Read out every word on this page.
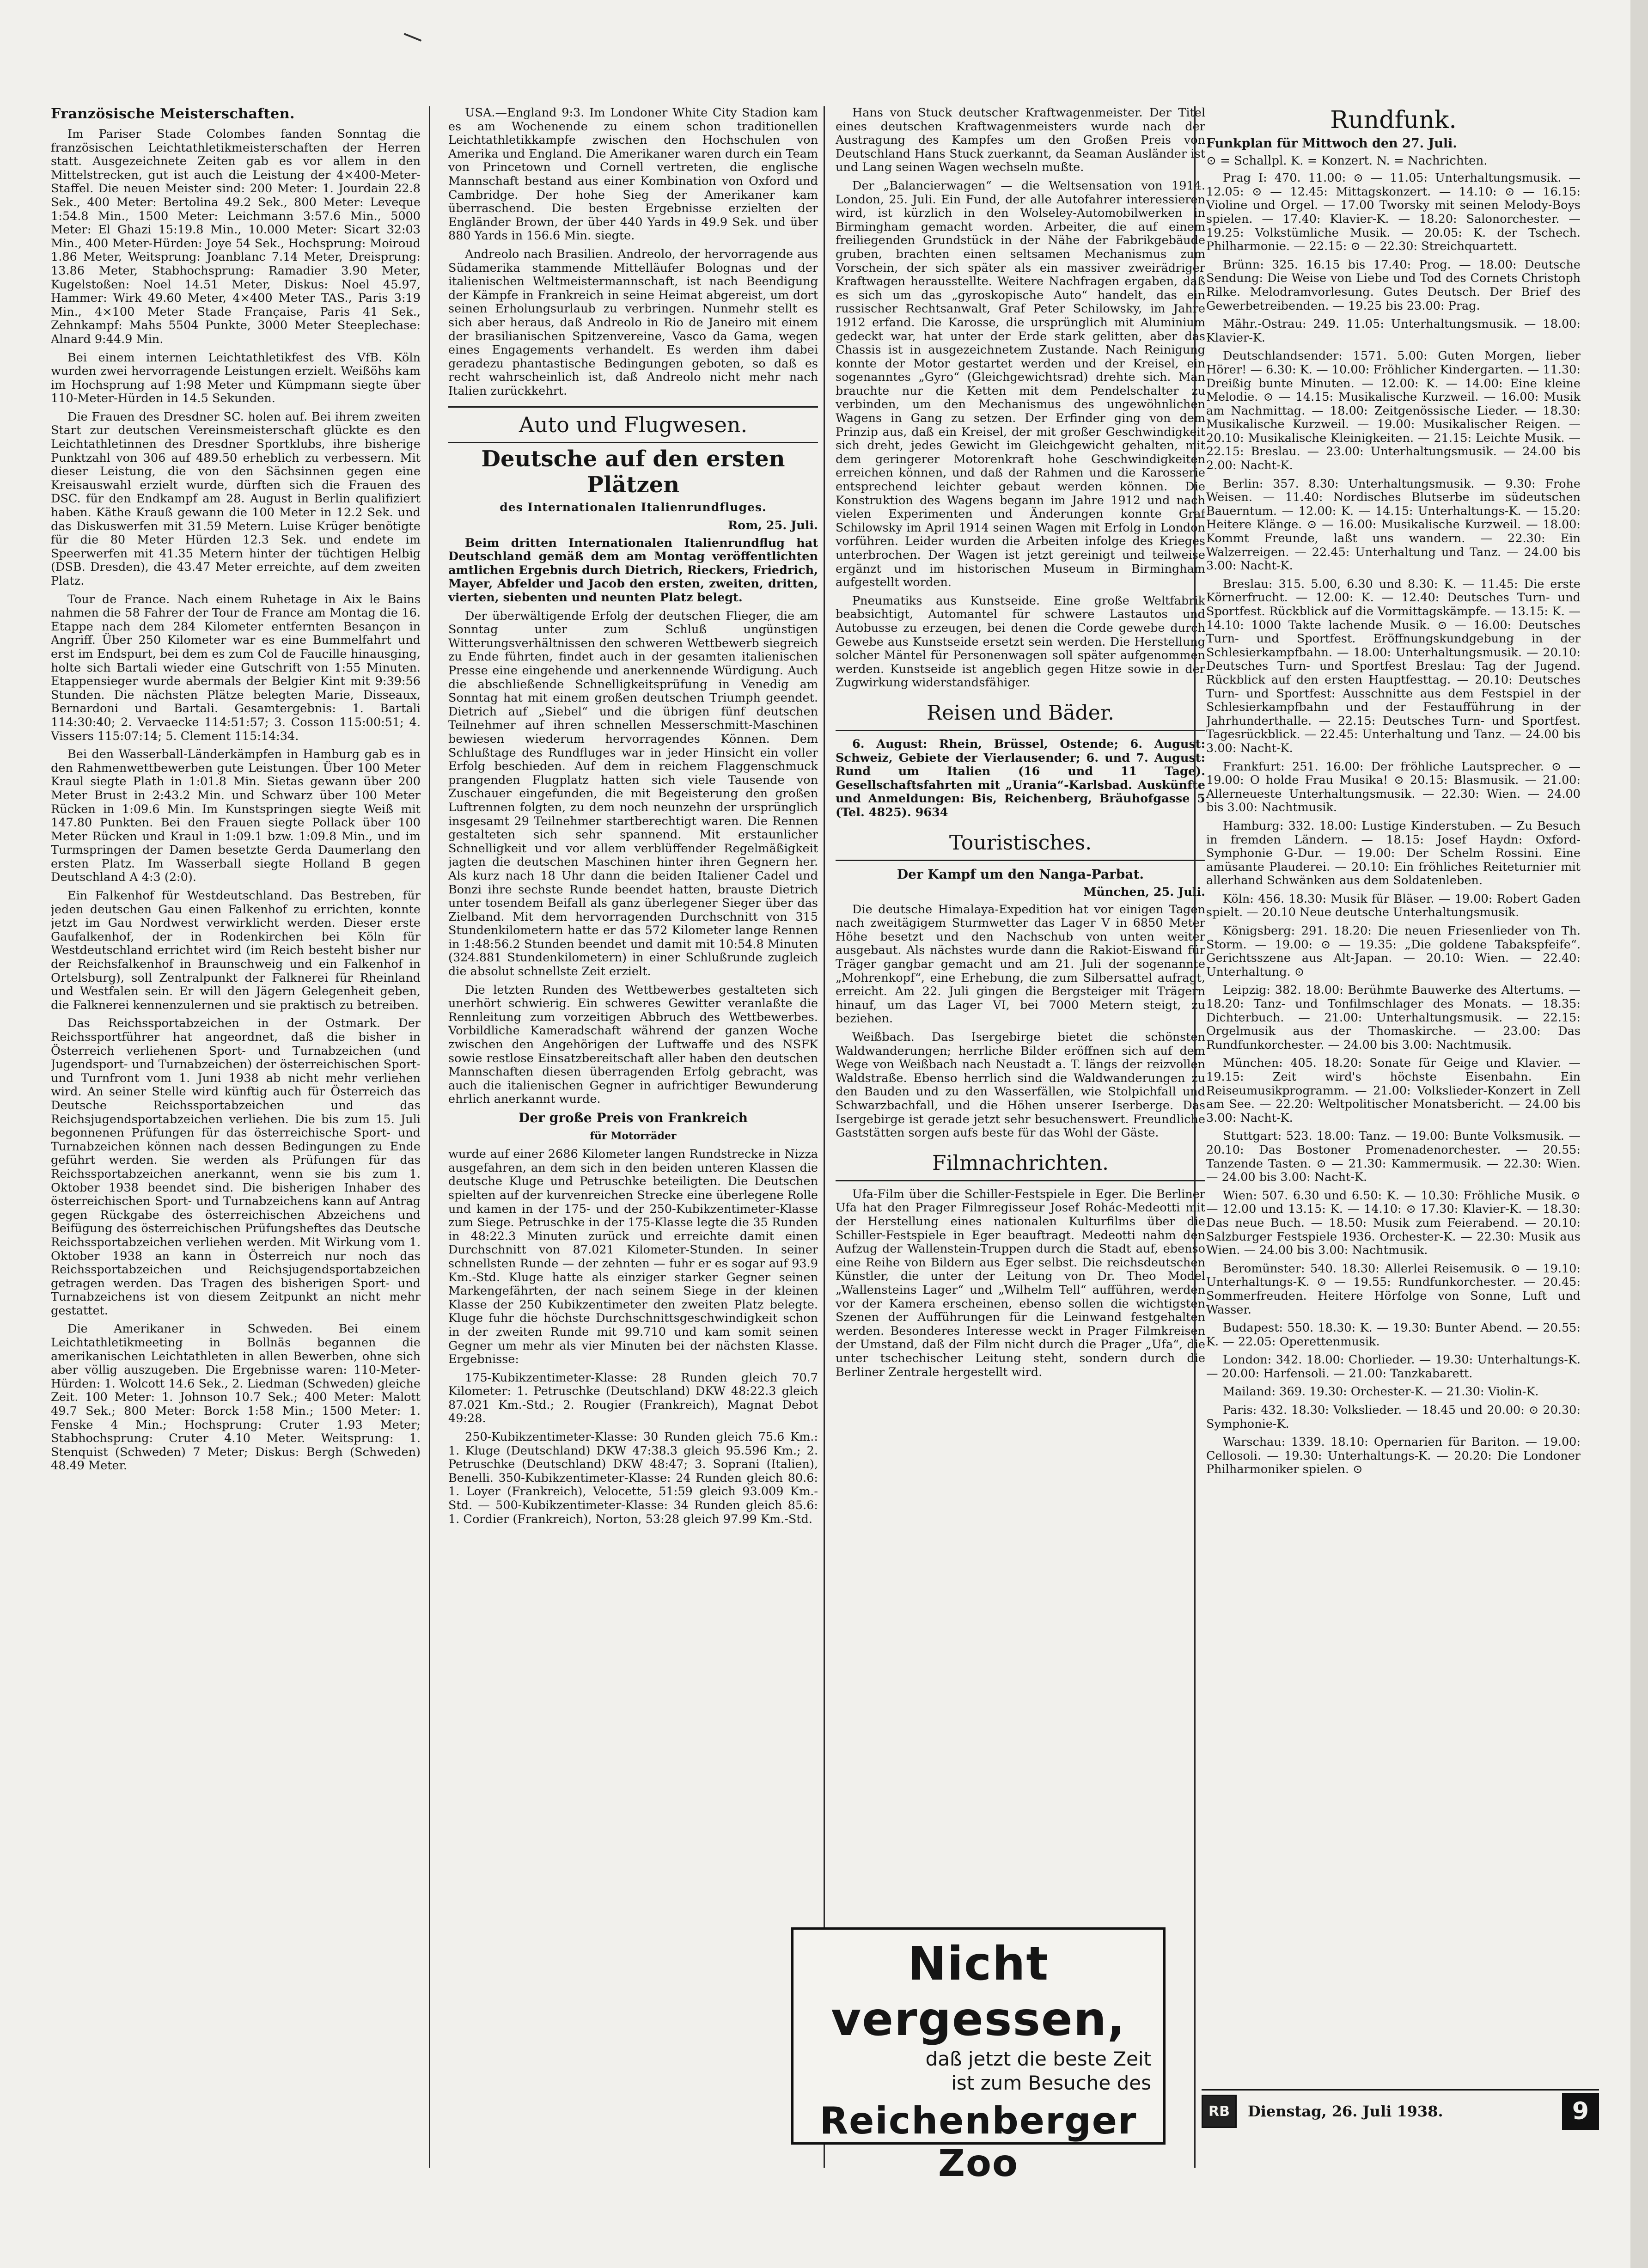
Französische Meisterschaften.

Im Pariser Stade Colombes fanden Sonntag die französischen Leichtathletikmeisterschaften der Herren statt. Ausgezeichnete Zeiten gab es vor allem in den Mittelstrecken, gut ist auch die Leistung der 4×400-Meter-Staffel. Die neuen Meister sind: 200 Meter: 1. Jourdain 22.8 Sek., 400 Meter: Bertolina 49.2 Sek., 800 Meter: Leveque 1:54.8 Min., 1500 Meter: Leichmann 3:57.6 Min., 5000 Meter: El Ghazi 15:19.8 Min., 10.000 Meter: Sicart 32:03 Min., 400 Meter-Hürden: Joye 54 Sek., Hochsprung: Moiroud 1.86 Meter, Weitsprung: Joanblanc 7.14 Meter, Dreisprung: 13.86 Meter, Stabhochsprung: Ramadier 3.90 Meter, Kugelstoßen: Noel 14.51 Meter, Diskus: Noel 45.97, Hammer: Wirk 49.60 Meter, 4×400 Meter TAS., Paris 3:19 Min., 4×100 Meter Stade Française, Paris 41 Sek., Zehnkampf: Mahs 5504 Punkte, 3000 Meter Steeplechase: Alnard 9:44.9 Min.

Bei einem internen Leichtathletikfest des VfB. Köln wurden zwei hervorragende Leistungen erzielt. Weißöhs kam im Hochsprung auf 1:98 Meter und Kümpmann siegte über 110-Meter-Hürden in 14.5 Sekunden.

Die Frauen des Dresdner SC. holen auf. Bei ihrem zweiten Start zur deutschen Vereinsmeisterschaft glückte es den Leichtathletinnen des Dresdner Sportklubs, ihre bisherige Punktzahl von 306 auf 489.50 erheblich zu verbessern. Mit dieser Leistung, die von den Sächsinnen gegen eine Kreisauswahl erzielt wurde, dürften sich die Frauen des DSC. für den Endkampf am 28. August in Berlin qualifiziert haben. Käthe Krauß gewann die 100 Meter in 12.2 Sek. und das Diskuswerfen mit 31.59 Metern. Luise Krüger benötigte für die 80 Meter Hürden 12.3 Sek. und endete im Speerwerfen mit 41.35 Metern hinter der tüchtigen Helbig (DSB. Dresden), die 43.47 Meter erreichte, auf dem zweiten Platz.

Tour de France. Nach einem Ruhetage in Aix le Bains nahmen die 58 Fahrer der Tour de France am Montag die 16. Etappe nach dem 284 Kilometer entfernten Besançon in Angriff. Über 250 Kilometer war es eine Bummelfahrt und erst im Endspurt, bei dem es zum Col de Faucille hinausging, holte sich Bartali wieder eine Gutschrift von 1:55 Minuten. Etappensieger wurde abermals der Belgier Kint mit 9:39:56 Stunden. Die nächsten Plätze belegten Marie, Disseaux, Bernardoni und Bartali. Gesamtergebnis: 1. Bartali 114:30:40; 2. Vervaecke 114:51:57; 3. Cosson 115:00:51; 4. Vissers 115:07:14; 5. Clement 115:14:34.

Bei den Wasserball-Länderkämpfen in Hamburg gab es in den Rahmenwettbewerben gute Leistungen. Über 100 Meter Kraul siegte Plath in 1:01.8 Min. Sietas gewann über 200 Meter Brust in 2:43.2 Min. und Schwarz über 100 Meter Rücken in 1:09.6 Min. Im Kunstspringen siegte Weiß mit 147.80 Punkten. Bei den Frauen siegte Pollack über 100 Meter Rücken und Kraul in 1:09.1 bzw. 1:09.8 Min., und im Turmspringen der Damen besetzte Gerda Daumerlang den ersten Platz. Im Wasserball siegte Holland B gegen Deutschland A 4:3 (2:0).

Ein Falkenhof für Westdeutschland. Das Bestreben, für jeden deutschen Gau einen Falkenhof zu errichten, konnte jetzt im Gau Nordwest verwirklicht werden. Dieser erste Gaufalkenhof, der in Rodenkirchen bei Köln für Westdeutschland errichtet wird (im Reich besteht bisher nur der Reichsfalkenhof in Braunschweig und ein Falkenhof in Ortelsburg), soll Zentralpunkt der Falknerei für Rheinland und Westfalen sein. Er will den Jägern Gelegenheit geben, die Falknerei kennenzulernen und sie praktisch zu betreiben.

Das Reichssportabzeichen in der Ostmark. Der Reichssportführer hat angeordnet, daß die bisher in Österreich verliehenen Sport- und Turnabzeichen (und Jugendsport- und Turnabzeichen) der österreichischen Sport- und Turnfront vom 1. Juni 1938 ab nicht mehr verliehen wird. An seiner Stelle wird künftig auch für Österreich das Deutsche Reichssportabzeichen und das Reichsjugendsportabzeichen verliehen. Die bis zum 15. Juli begonnenen Prüfungen für das österreichische Sport- und Turnabzeichen können nach dessen Bedingungen zu Ende geführt werden. Sie werden als Prüfungen für das Reichssportabzeichen anerkannt, wenn sie bis zum 1. Oktober 1938 beendet sind. Die bisherigen Inhaber des österreichischen Sport- und Turnabzeichens kann auf Antrag gegen Rückgabe des österreichischen Abzeichens und Beifügung des österreichischen Prüfungsheftes das Deutsche Reichssportabzeichen verliehen werden. Mit Wirkung vom 1. Oktober 1938 an kann in Österreich nur noch das Reichssportabzeichen und Reichsjugendsportabzeichen getragen werden. Das Tragen des bisherigen Sport- und Turnabzeichens ist von diesem Zeitpunkt an nicht mehr gestattet.

Die Amerikaner in Schweden. Bei einem Leichtathletikmeeting in Bollnäs begannen die amerikanischen Leichtathleten in allen Bewerben, ohne sich aber völlig auszugeben. Die Ergebnisse waren: 110-Meter-Hürden: 1. Wolcott 14.6 Sek., 2. Liedman (Schweden) gleiche Zeit. 100 Meter: 1. Johnson 10.7 Sek.; 400 Meter: Malott 49.7 Sek.; 800 Meter: Borck 1:58 Min.; 1500 Meter: 1. Fenske 4 Min.; Hochsprung: Cruter 1.93 Meter; Stabhochsprung: Cruter 4.10 Meter. Weitsprung: 1. Stenquist (Schweden) 7 Meter; Diskus: Bergh (Schweden) 48.49 Meter.

USA.—England 9:3. Im Londoner White City Stadion kam es am Wochenende zu einem schon traditionellen Leichtathletikkampfe zwischen den Hochschulen von Amerika und England. Die Amerikaner waren durch ein Team von Princetown und Cornell vertreten, die englische Mannschaft bestand aus einer Kombination von Oxford und Cambridge. Der hohe Sieg der Amerikaner kam überraschend. Die besten Ergebnisse erzielten der Engländer Brown, der über 440 Yards in 49.9 Sek. und über 880 Yards in 156.6 Min. siegte.

Andreolo nach Brasilien. Andreolo, der hervorragende aus Südamerika stammende Mittelläufer Bolognas und der italienischen Weltmeistermannschaft, ist nach Beendigung der Kämpfe in Frankreich in seine Heimat abgereist, um dort seinen Erholungsurlaub zu verbringen. Nunmehr stellt es sich aber heraus, daß Andreolo in Rio de Janeiro mit einem der brasilianischen Spitzenvereine, Vasco da Gama, wegen eines Engagements verhandelt. Es werden ihm dabei geradezu phantastische Bedingungen geboten, so daß es recht wahrscheinlich ist, daß Andreolo nicht mehr nach Italien zurückkehrt.

Auto und Flugwesen.
Deutsche auf den ersten Plätzen
des Internationalen Italienrundfluges.
Rom, 25. Juli.

Beim dritten Internationalen Italienrundflug hat Deutschland gemäß dem am Montag veröffentlichten amtlichen Ergebnis durch Dietrich, Rieckers, Friedrich, Mayer, Abfelder und Jacob den ersten, zweiten, dritten, vierten, siebenten und neunten Platz belegt.

Der überwältigende Erfolg der deutschen Flieger, die am Sonntag unter zum Schluß ungünstigen Witterungsverhältnissen den schweren Wettbewerb siegreich zu Ende führten, findet auch in der gesamten italienischen Presse eine eingehende und anerkennende Würdigung. Auch die abschließende Schnelligkeitsprüfung in Venedig am Sonntag hat mit einem großen deutschen Triumph geendet. Dietrich auf „Siebel“ und die übrigen fünf deutschen Teilnehmer auf ihren schnellen Messerschmitt-Maschinen bewiesen wiederum hervorragendes Können. Dem Schlußtage des Rundfluges war in jeder Hinsicht ein voller Erfolg beschieden. Auf dem in reichem Flaggenschmuck prangenden Flugplatz hatten sich viele Tausende von Zuschauer eingefunden, die mit Begeisterung den großen Luftrennen folgten, zu dem noch neunzehn der ursprünglich insgesamt 29 Teilnehmer startberechtigt waren. Die Rennen gestalteten sich sehr spannend. Mit erstaunlicher Schnelligkeit und vor allem verblüffender Regelmäßigkeit jagten die deutschen Maschinen hinter ihren Gegnern her. Als kurz nach 18 Uhr dann die beiden Italiener Cadel und Bonzi ihre sechste Runde beendet hatten, brauste Dietrich unter tosendem Beifall als ganz überlegener Sieger über das Zielband. Mit dem hervorragenden Durchschnitt von 315 Stundenkilometern hatte er das 572 Kilometer lange Rennen in 1:48:56.2 Stunden beendet und damit mit 10:54.8 Minuten (324.881 Stundenkilometern) in einer Schlußrunde zugleich die absolut schnellste Zeit erzielt.

Die letzten Runden des Wettbewerbes gestalteten sich unerhört schwierig. Ein schweres Gewitter veranlaßte die Rennleitung zum vorzeitigen Abbruch des Wettbewerbes. Vorbildliche Kameradschaft während der ganzen Woche zwischen den Angehörigen der Luftwaffe und des NSFK sowie restlose Einsatzbereitschaft aller haben den deutschen Mannschaften diesen überragenden Erfolg gebracht, was auch die italienischen Gegner in aufrichtiger Bewunderung ehrlich anerkannt wurde.

Der große Preis von Frankreich
für Motorräder

wurde auf einer 2686 Kilometer langen Rundstrecke in Nizza ausgefahren, an dem sich in den beiden unteren Klassen die deutsche Kluge und Petruschke beteiligten. Die Deutschen spielten auf der kurvenreichen Strecke eine überlegene Rolle und kamen in der 175- und der 250-Kubikzentimeter-Klasse zum Siege. Petruschke in der 175-Klasse legte die 35 Runden in 48:22.3 Minuten zurück und erreichte damit einen Durchschnitt von 87.021 Kilometer-Stunden. In seiner schnellsten Runde — der zehnten — fuhr er es sogar auf 93.9 Km.-Std. Kluge hatte als einziger starker Gegner seinen Markengefährten, der nach seinem Siege in der kleinen Klasse der 250 Kubikzentimeter den zweiten Platz belegte. Kluge fuhr die höchste Durchschnittsgeschwindigkeit schon in der zweiten Runde mit 99.710 und kam somit seinen Gegner um mehr als vier Minuten bei der nächsten Klasse. Ergebnisse:

175-Kubikzentimeter-Klasse: 28 Runden gleich 70.7 Kilometer: 1. Petruschke (Deutschland) DKW 48:22.3 gleich 87.021 Km.-Std.; 2. Rougier (Frankreich), Magnat Debot 49:28.

250-Kubikzentimeter-Klasse: 30 Runden gleich 75.6 Km.: 1. Kluge (Deutschland) DKW 47:38.3 gleich 95.596 Km.; 2. Petruschke (Deutschland) DKW 48:47; 3. Soprani (Italien), Benelli. 350-Kubikzentimeter-Klasse: 24 Runden gleich 80.6: 1. Loyer (Frankreich), Velocette, 51:59 gleich 93.009 Km.-Std. — 500-Kubikzentimeter-Klasse: 34 Runden gleich 85.6: 1. Cordier (Frankreich), Norton, 53:28 gleich 97.99 Km.-Std.

Hans von Stuck deutscher Kraftwagenmeister. Der Titel eines deutschen Kraftwagenmeisters wurde nach der Austragung des Kampfes um den Großen Preis von Deutschland Hans Stuck zuerkannt, da Seaman Ausländer ist und Lang seinen Wagen wechseln mußte.

Der „Balancierwagen“ — die Weltsensation von 1914. London, 25. Juli. Ein Fund, der alle Autofahrer interessieren wird, ist kürzlich in den Wolseley-Automobilwerken in Birmingham gemacht worden. Arbeiter, die auf einem freiliegenden Grundstück in der Nähe der Fabrikgebäude gruben, brachten einen seltsamen Mechanismus zum Vorschein, der sich später als ein massiver zweirädriger Kraftwagen herausstellte. Weitere Nachfragen ergaben, daß es sich um das „gyroskopische Auto“ handelt, das ein russischer Rechtsanwalt, Graf Peter Schilowsky, im Jahre 1912 erfand. Die Karosse, die ursprünglich mit Aluminium gedeckt war, hat unter der Erde stark gelitten, aber das Chassis ist in ausgezeichnetem Zustande. Nach Reinigung konnte der Motor gestartet werden und der Kreisel, ein sogenanntes „Gyro“ (Gleichgewichtsrad) drehte sich. Man brauchte nur die Ketten mit dem Pendelschalter zu verbinden, um den Mechanismus des ungewöhnlichen Wagens in Gang zu setzen. Der Erfinder ging von dem Prinzip aus, daß ein Kreisel, der mit großer Geschwindigkeit sich dreht, jedes Gewicht im Gleichgewicht gehalten, mit dem geringerer Motorenkraft hohe Geschwindigkeiten erreichen können, und daß der Rahmen und die Karosserie entsprechend leichter gebaut werden können. Die Konstruktion des Wagens begann im Jahre 1912 und nach vielen Experimenten und Änderungen konnte Graf Schilowsky im April 1914 seinen Wagen mit Erfolg in London vorführen. Leider wurden die Arbeiten infolge des Krieges unterbrochen. Der Wagen ist jetzt gereinigt und teilweise ergänzt und im historischen Museum in Birmingham aufgestellt worden.

Pneumatiks aus Kunstseide. Eine große Weltfabrik beabsichtigt, Automantel für schwere Lastautos und Autobusse zu erzeugen, bei denen die Corde gewebe durch Gewebe aus Kunstseide ersetzt sein werden. Die Herstellung solcher Mäntel für Personenwagen soll später aufgenommen werden. Kunstseide ist angeblich gegen Hitze sowie in der Zugwirkung widerstandsfähiger.

Reisen und Bäder.

6. August: Rhein, Brüssel, Ostende; 6. August: Schweiz, Gebiete der Vierlausender; 6. und 7. August: Rund um Italien (16 und 11 Tage). Gesellschaftsfahrten mit „Urania“-Karlsbad. Auskünfte und Anmeldungen: Bis, Reichenberg, Bräuhofgasse 5 (Tel. 4825). 9634

Touristisches.
Der Kampf um den Nanga-Parbat.
München, 25. Juli.

Die deutsche Himalaya-Expedition hat vor einigen Tagen nach zweitägigem Sturmwetter das Lager V in 6850 Meter Höhe besetzt und den Nachschub von unten weiter ausgebaut. Als nächstes wurde dann die Rakiot-Eiswand für Träger gangbar gemacht und am 21. Juli der sogenannte „Mohrenkopf“, eine Erhebung, die zum Silbersattel aufragt, erreicht. Am 22. Juli gingen die Bergsteiger mit Trägern hinauf, um das Lager VI, bei 7000 Metern steigt, zu beziehen.

Weißbach. Das Isergebirge bietet die schönsten Waldwanderungen; herrliche Bilder eröffnen sich auf dem Wege von Weißbach nach Neustadt a. T. längs der reizvollen Waldstraße. Ebenso herrlich sind die Waldwanderungen zu den Bauden und zu den Wasserfällen, wie Stolpichfall und Schwarzbachfall, und die Höhen unserer Iserberge. Das Isergebirge ist gerade jetzt sehr besuchenswert. Freundliche Gaststätten sorgen aufs beste für das Wohl der Gäste.

Filmnachrichten.

Ufa-Film über die Schiller-Festspiele in Eger. Die Berliner Ufa hat den Prager Filmregisseur Josef Rohác-Medeotti mit der Herstellung eines nationalen Kulturfilms über die Schiller-Festspiele in Eger beauftragt. Medeotti nahm den Aufzug der Wallenstein-Truppen durch die Stadt auf, ebenso eine Reihe von Bildern aus Eger selbst. Die reichsdeutschen Künstler, die unter der Leitung von Dr. Theo Model „Wallensteins Lager“ und „Wilhelm Tell“ aufführen, werden vor der Kamera erscheinen, ebenso sollen die wichtigsten Szenen der Aufführungen für die Leinwand festgehalten werden. Besonderes Interesse weckt in Prager Filmkreisen der Umstand, daß der Film nicht durch die Prager „Ufa“, die unter tschechischer Leitung steht, sondern durch die Berliner Zentrale hergestellt wird.

Rundfunk.

Funkplan für Mittwoch den 27. Juli.

⊙ = Schallpl. K. = Konzert. N. = Nachrichten.

Prag I: 470. 11.00: ⊙ — 11.05: Unterhaltungsmusik. — 12.05: ⊙ — 12.45: Mittagskonzert. — 14.10: ⊙ — 16.15: Violine und Orgel. — 17.00 Tworsky mit seinen Melody-Boys spielen. — 17.40: Klavier-K. — 18.20: Salonorchester. — 19.25: Volkstümliche Musik. — 20.05: K. der Tschech. Philharmonie. — 22.15: ⊙ — 22.30: Streichquartett.

Brünn: 325. 16.15 bis 17.40: Prog. — 18.00: Deutsche Sendung: Die Weise von Liebe und Tod des Cornets Christoph Rilke. Melodramvorlesung. Gutes Deutsch. Der Brief des Gewerbetreibenden. — 19.25 bis 23.00: Prag.

Mähr.-Ostrau: 249. 11.05: Unterhaltungsmusik. — 18.00: Klavier-K.

Deutschlandsender: 1571. 5.00: Guten Morgen, lieber Hörer! — 6.30: K. — 10.00: Fröhlicher Kindergarten. — 11.30: Dreißig bunte Minuten. — 12.00: K. — 14.00: Eine kleine Melodie. ⊙ — 14.15: Musikalische Kurzweil. — 16.00: Musik am Nachmittag. — 18.00: Zeitgenössische Lieder. — 18.30: Musikalische Kurzweil. — 19.00: Musikalischer Reigen. — 20.10: Musikalische Kleinigkeiten. — 21.15: Leichte Musik. — 22.15: Breslau. — 23.00: Unterhaltungsmusik. — 24.00 bis 2.00: Nacht-K.

Berlin: 357. 8.30: Unterhaltungsmusik. — 9.30: Frohe Weisen. — 11.40: Nordisches Blutserbe im südeutschen Bauerntum. — 12.00: K. — 14.15: Unterhaltungs-K. — 15.20: Heitere Klänge. ⊙ — 16.00: Musikalische Kurzweil. — 18.00: Kommt Freunde, laßt uns wandern. — 22.30: Ein Walzerreigen. — 22.45: Unterhaltung und Tanz. — 24.00 bis 3.00: Nacht-K.

Breslau: 315. 5.00, 6.30 und 8.30: K. — 11.45: Die erste Körnerfrucht. — 12.00: K. — 12.40: Deutsches Turn- und Sportfest. Rückblick auf die Vormittagskämpfe. — 13.15: K. — 14.10: 1000 Takte lachende Musik. ⊙ — 16.00: Deutsches Turn- und Sportfest. Eröffnungskundgebung in der Schlesierkampfbahn. — 18.00: Unterhaltungsmusik. — 20.10: Deutsches Turn- und Sportfest Breslau: Tag der Jugend. Rückblick auf den ersten Hauptfesttag. — 20.10: Deutsches Turn- und Sportfest: Ausschnitte aus dem Festspiel in der Schlesierkampfbahn und der Festaufführung in der Jahrhunderthalle. — 22.15: Deutsches Turn- und Sportfest. Tagesrückblick. — 22.45: Unterhaltung und Tanz. — 24.00 bis 3.00: Nacht-K.

Frankfurt: 251. 16.00: Der fröhliche Lautsprecher. ⊙ — 19.00: O holde Frau Musika! ⊙ 20.15: Blasmusik. — 21.00: Allerneueste Unterhaltungsmusik. — 22.30: Wien. — 24.00 bis 3.00: Nachtmusik.

Hamburg: 332. 18.00: Lustige Kinderstuben. — Zu Besuch in fremden Ländern. — 18.15: Josef Haydn: Oxford-Symphonie G-Dur. — 19.00: Der Schelm Rossini. Eine amüsante Plauderei. — 20.10: Ein fröhliches Reiteturnier mit allerhand Schwänken aus dem Soldatenleben.

Köln: 456. 18.30: Musik für Bläser. — 19.00: Robert Gaden spielt. — 20.10 Neue deutsche Unterhaltungsmusik.

Königsberg: 291. 18.20: Die neuen Friesenlieder von Th. Storm. — 19.00: ⊙ — 19.35: „Die goldene Tabakspfeife“. Gerichtsszene aus Alt-Japan. — 20.10: Wien. — 22.40: Unterhaltung. ⊙

Leipzig: 382. 18.00: Berühmte Bauwerke des Altertums. — 18.20: Tanz- und Tonfilmschlager des Monats. — 18.35: Dichterbuch. — 21.00: Unterhaltungsmusik. — 22.15: Orgelmusik aus der Thomaskirche. — 23.00: Das Rundfunkorchester. — 24.00 bis 3.00: Nachtmusik.

München: 405. 18.20: Sonate für Geige und Klavier. — 19.15: Zeit wird's höchste Eisenbahn. Ein Reiseumusikprogramm. — 21.00: Volkslieder-Konzert in Zell am See. — 22.20: Weltpolitischer Monatsbericht. — 24.00 bis 3.00: Nacht-K.

Stuttgart: 523. 18.00: Tanz. — 19.00: Bunte Volksmusik. — 20.10: Das Bostoner Promenadenorchester. — 20.55: Tanzende Tasten. ⊙ — 21.30: Kammermusik. — 22.30: Wien. — 24.00 bis 3.00: Nacht-K.

Wien: 507. 6.30 und 6.50: K. — 10.30: Fröhliche Musik. ⊙ — 12.00 und 13.15: K. — 14.10: ⊙ 17.30: Klavier-K. — 18.30: Das neue Buch. — 18.50: Musik zum Feierabend. — 20.10: Salzburger Festspiele 1936. Orchester-K. — 22.30: Musik aus Wien. — 24.00 bis 3.00: Nachtmusik.

Beromünster: 540. 18.30: Allerlei Reisemusik. ⊙ — 19.10: Unterhaltungs-K. ⊙ — 19.55: Rundfunkorchester. — 20.45: Sommerfreuden. Heitere Hörfolge von Sonne, Luft und Wasser.

Budapest: 550. 18.30: K. — 19.30: Bunter Abend. — 20.55: K. — 22.05: Operettenmusik.

London: 342. 18.00: Chorlieder. — 19.30: Unterhaltungs-K. — 20.00: Harfensoli. — 21.00: Tanzkabarett.

Mailand: 369. 19.30: Orchester-K. — 21.30: Violin-K.

Paris: 432. 18.30: Volkslieder. — 18.45 und 20.00: ⊙ 20.30: Symphonie-K.

Warschau: 1339. 18.10: Opernarien für Bariton. — 19.00: Cellosoli. — 19.30: Unterhaltungs-K. — 20.20: Die Londoner Philharmoniker spielen. ⊙

Nicht vergessen,
daß jetzt die beste Zeit
ist zum Besuche des
Reichenberger Zoo
RB	Dienstag, 26. Juli 1938.	9
